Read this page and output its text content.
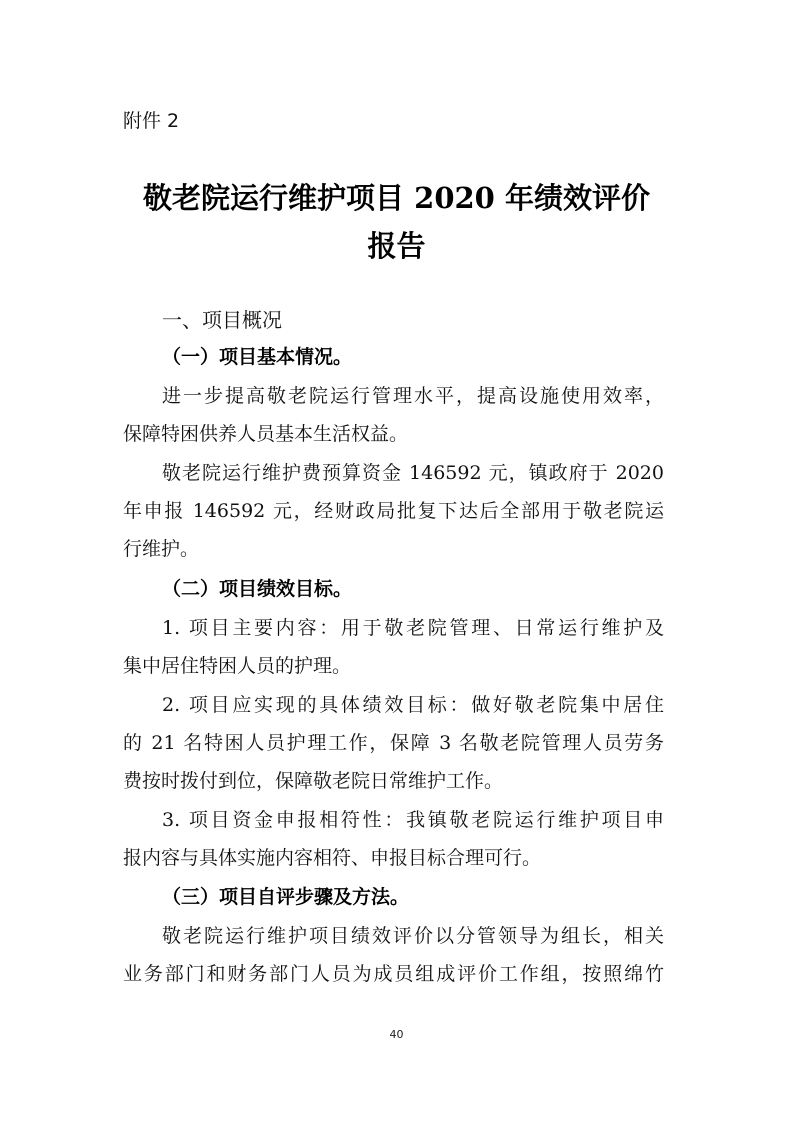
附件 2
敬老院运行维护项目 2020 年绩效评价
报告
一、项目概况
（一）项目基本情况。
进一步提高敬老院运行管理水平，提高设施使用效率，
保障特困供养人员基本生活权益。
敬老院运行维护费预算资金 146592 元，镇政府于 2020
年申报 146592 元，经财政局批复下达后全部用于敬老院运
行维护。
（二）项目绩效目标。
1. 项目主要内容：用于敬老院管理、日常运行维护及
集中居住特困人员的护理。
2. 项目应实现的具体绩效目标：做好敬老院集中居住
的 21 名特困人员护理工作，保障 3 名敬老院管理人员劳务
费按时拨付到位，保障敬老院日常维护工作。
3. 项目资金申报相符性：我镇敬老院运行维护项目申
报内容与具体实施内容相符、申报目标合理可行。
（三）项目自评步骤及方法。
敬老院运行维护项目绩效评价以分管领导为组长，相关
业务部门和财务部门人员为成员组成评价工作组，按照绵竹
40
